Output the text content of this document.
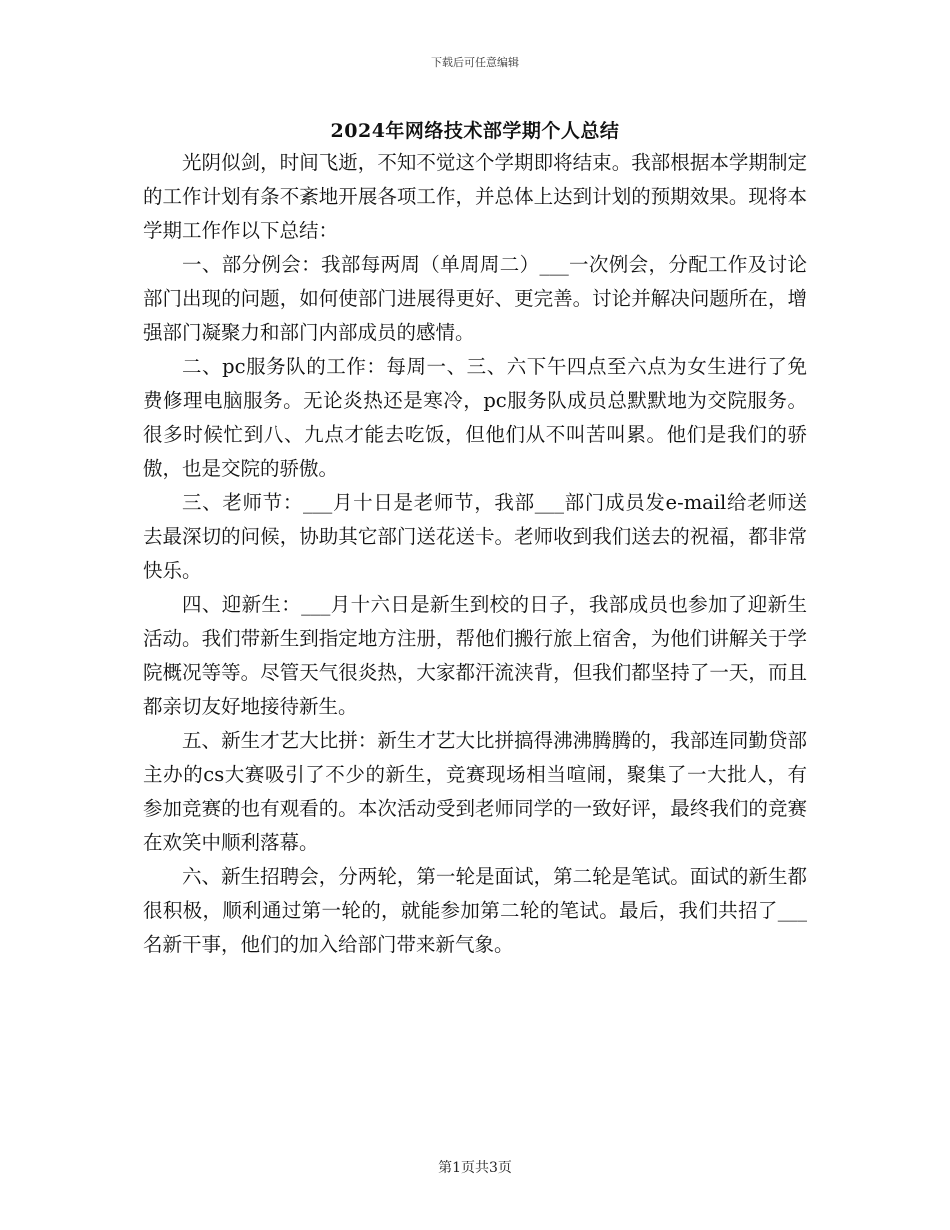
下载后可任意编辑
2024年网络技术部学期个人总结

光阴似剑，时间飞逝，不知不觉这个学期即将结束。我部根据本学期制定的工作计划有条不紊地开展各项工作，并总体上达到计划的预期效果。现将本学期工作作以下总结：

一、部分例会：我部每两周（单周周二）___一次例会，分配工作及讨论部门出现的问题，如何使部门进展得更好、更完善。讨论并解决问题所在，增强部门凝聚力和部门内部成员的感情。

二、pc服务队的工作：每周一、三、六下午四点至六点为女生进行了免费修理电脑服务。无论炎热还是寒冷，pc服务队成员总默默地为交院服务。很多时候忙到八、九点才能去吃饭，但他们从不叫苦叫累。他们是我们的骄傲，也是交院的骄傲。

三、老师节：___月十日是老师节，我部___部门成员发e-mail给老师送去最深切的问候，协助其它部门送花送卡。老师收到我们送去的祝福，都非常快乐。

四、迎新生：___月十六日是新生到校的日子，我部成员也参加了迎新生活动。我们带新生到指定地方注册，帮他们搬行旅上宿舍，为他们讲解关于学院概况等等。尽管天气很炎热，大家都汗流浃背，但我们都坚持了一天，而且都亲切友好地接待新生。

五、新生才艺大比拼：新生才艺大比拼搞得沸沸腾腾的，我部连同勤贷部主办的cs大赛吸引了不少的新生，竞赛现场相当喧闹，聚集了一大批人，有参加竞赛的也有观看的。本次活动受到老师同学的一致好评，最终我们的竞赛在欢笑中顺利落幕。

六、新生招聘会，分两轮，第一轮是面试，第二轮是笔试。面试的新生都很积极，顺利通过第一轮的，就能参加第二轮的笔试。最后，我们共招了___名新干事，他们的加入给部门带来新气象。

第1页共3页
